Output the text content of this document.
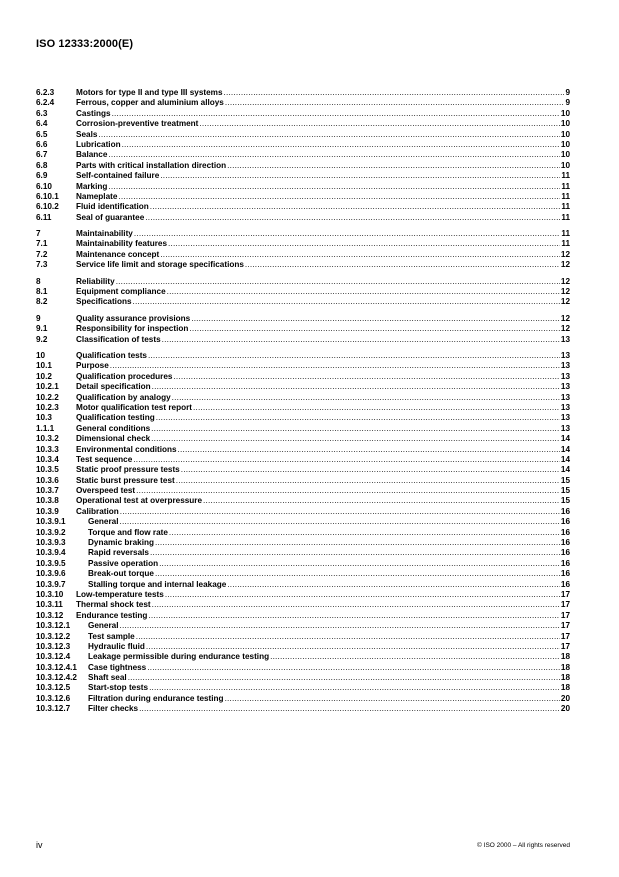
ISO 12333:2000(E)
6.2.3	Motors for type II and type III systems .....	9
6.2.4	Ferrous, copper and aluminium alloys .....	9
6.3	Castings .....	10
6.4	Corrosion-preventive treatment .....	10
6.5	Seals .....	10
6.6	Lubrication .....	10
6.7	Balance .....	10
6.8	Parts with critical installation direction .....	10
6.9	Self-contained failure .....	11
6.10	Marking .....	11
6.10.1	Nameplate .....	11
6.10.2	Fluid identification .....	11
6.11	Seal of guarantee .....	11
7	Maintainability .....	11
7.1	Maintainability features .....	11
7.2	Maintenance concept .....	12
7.3	Service life limit and storage specifications .....	12
8	Reliability .....	12
8.1	Equipment compliance .....	12
8.2	Specifications .....	12
9	Quality assurance provisions .....	12
9.1	Responsibility for inspection .....	12
9.2	Classification of tests .....	13
10	Qualification tests .....	13
10.1	Purpose .....	13
10.2	Qualification procedures .....	13
10.2.1	Detail specification .....	13
10.2.2	Qualification by analogy .....	13
10.2.3	Motor qualification test report .....	13
10.3	Qualification testing .....	13
1.1.1	General conditions .....	13
10.3.2	Dimensional check .....	14
10.3.3	Environmental conditions .....	14
10.3.4	Test sequence .....	14
10.3.5	Static proof pressure tests .....	14
10.3.6	Static burst pressure test .....	15
10.3.7	Overspeed test .....	15
10.3.8	Operational test at overpressure .....	15
10.3.9	Calibration .....	16
10.3.9.1	General .....	16
10.3.9.2	Torque and flow rate .....	16
10.3.9.3	Dynamic braking .....	16
10.3.9.4	Rapid reversals .....	16
10.3.9.5	Passive operation .....	16
10.3.9.6	Break-out torque .....	16
10.3.9.7	Stalling torque and internal leakage .....	16
10.3.10	Low-temperature tests .....	17
10.3.11	Thermal shock test .....	17
10.3.12	Endurance testing .....	17
10.3.12.1	General .....	17
10.3.12.2	Test sample .....	17
10.3.12.3	Hydraulic fluid .....	17
10.3.12.4	Leakage permissible during endurance testing .....	18
10.3.12.4.1	Case tightness .....	18
10.3.12.4.2	Shaft seal .....	18
10.3.12.5	Start-stop tests .....	18
10.3.12.6	Filtration during endurance testing .....	20
10.3.12.7	Filter checks .....	20
iv	© ISO 2000 – All rights reserved
